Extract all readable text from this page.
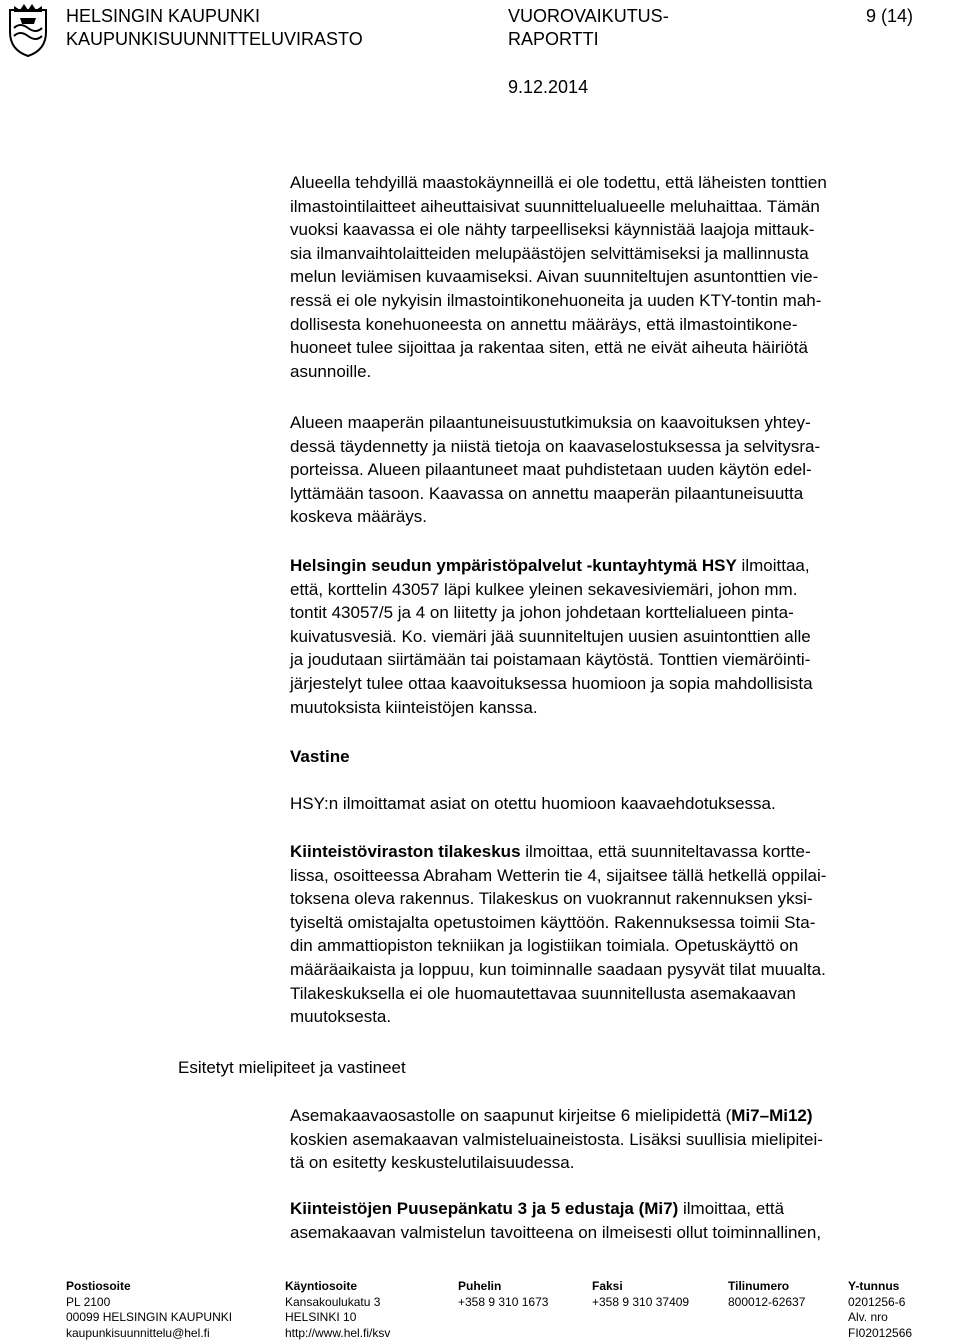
HELSINGIN KAUPUNKI
KAUPUNKISUUNNITTELUVIRASTO
VUOROVAIKUTUS-
RAPORTTI
9 (14)
9.12.2014
Alueella tehdyillä maastokäynneillä ei ole todettu, että läheisten tonttien
ilmastointilaitteet aiheuttaisivat suunnittelualueelle meluhaittaa. Tämän
vuoksi kaavassa ei ole nähty tarpeelliseksi käynnistää laajoja mittauk-
sia ilmanvaihtolaitteiden melupäästöjen selvittämiseksi ja mallinnusta
melun leviämisen kuvaamiseksi. Aivan suunniteltujen asuntonttien vie-
ressä ei ole nykyisin ilmastointikonehuoneita ja uuden KTY-tontin mah-
dollisesta konehuoneesta on annettu määräys, että ilmastointikone-
huoneet tulee sijoittaa ja rakentaa siten, että ne eivät aiheuta häiriötä
asunnoille.
Alueen maaperän pilaantuneisuustutkimuksia on kaavoituksen yhtey-
dessä täydennetty ja niistä tietoja on kaavaselostuksessa ja selvitysra-
porteissa. Alueen pilaantuneet maat puhdistetaan uuden käytön edel-
lyttämään tasoon. Kaavassa on annettu maaperän pilaantuneisuutta
koskeva määräys.
Helsingin seudun ympäristöpalvelut -kuntayhtymä HSY ilmoittaa,
että, korttelin 43057 läpi kulkee yleinen sekavesiviemäri, johon mm.
tontit 43057/5 ja 4 on liitetty ja johon johdetaan korttelialueen pinta-
kuivatusvesiä. Ko. viemäri jää suunniteltujen uusien asuintonttien alle
ja joudutaan siirtämään tai poistamaan käytöstä. Tonttien viemäröinti-
järjestelyt tulee ottaa kaavoituksessa huomioon ja sopia mahdollisista
muutoksista kiinteistöjen kanssa.
Vastine
HSY:n ilmoittamat asiat on otettu huomioon kaavaehdotuksessa.
Kiinteistöviraston tilakeskus ilmoittaa, että suunniteltavassa kortte-
lissa, osoitteessa Abraham Wetterin tie 4, sijaitsee tällä hetkellä oppilai-
toksena oleva rakennus. Tilakeskus on vuokrannut rakennuksen yksi-
tyiseltä omistajalta opetustoimen käyttöön. Rakennuksessa toimii Sta-
din ammattiopiston tekniikan ja logistiikan toimiala. Opetuskäyttö on
määräaikaista ja loppuu, kun toiminnalle saadaan pysyvät tilat muualta.
Tilakeskuksella ei ole huomautettavaa suunnitellusta asemakaavan
muutoksesta.
Esitetyt mielipiteet ja vastineet
Asemakaavaosastolle on saapunut kirjeitse 6 mielipidettä (Mi7–Mi12)
koskien asemakaavan valmisteluaineistosta. Lisäksi suullisia mielipitei-
tä on esitetty keskustelutilaisuudessa.
Kiinteistöjen Puusepänkatu 3 ja 5 edustaja (Mi7) ilmoittaa, että
asemakaavan valmistelun tavoitteena on ilmeisesti ollut toiminnallinen,
Postiosoite
PL 2100
00099 HELSINGIN KAUPUNKI
kaupunkisuunnittelu@hel.fi
Käyntiosoite
Kansakoulukatu 3
HELSINKI 10
http://www.hel.fi/ksv
Puhelin
+358 9 310 1673
Faksi
+358 9 310 37409
Tilinumero
800012-62637
Y-tunnus
0201256-6
Alv. nro
FI02012566
